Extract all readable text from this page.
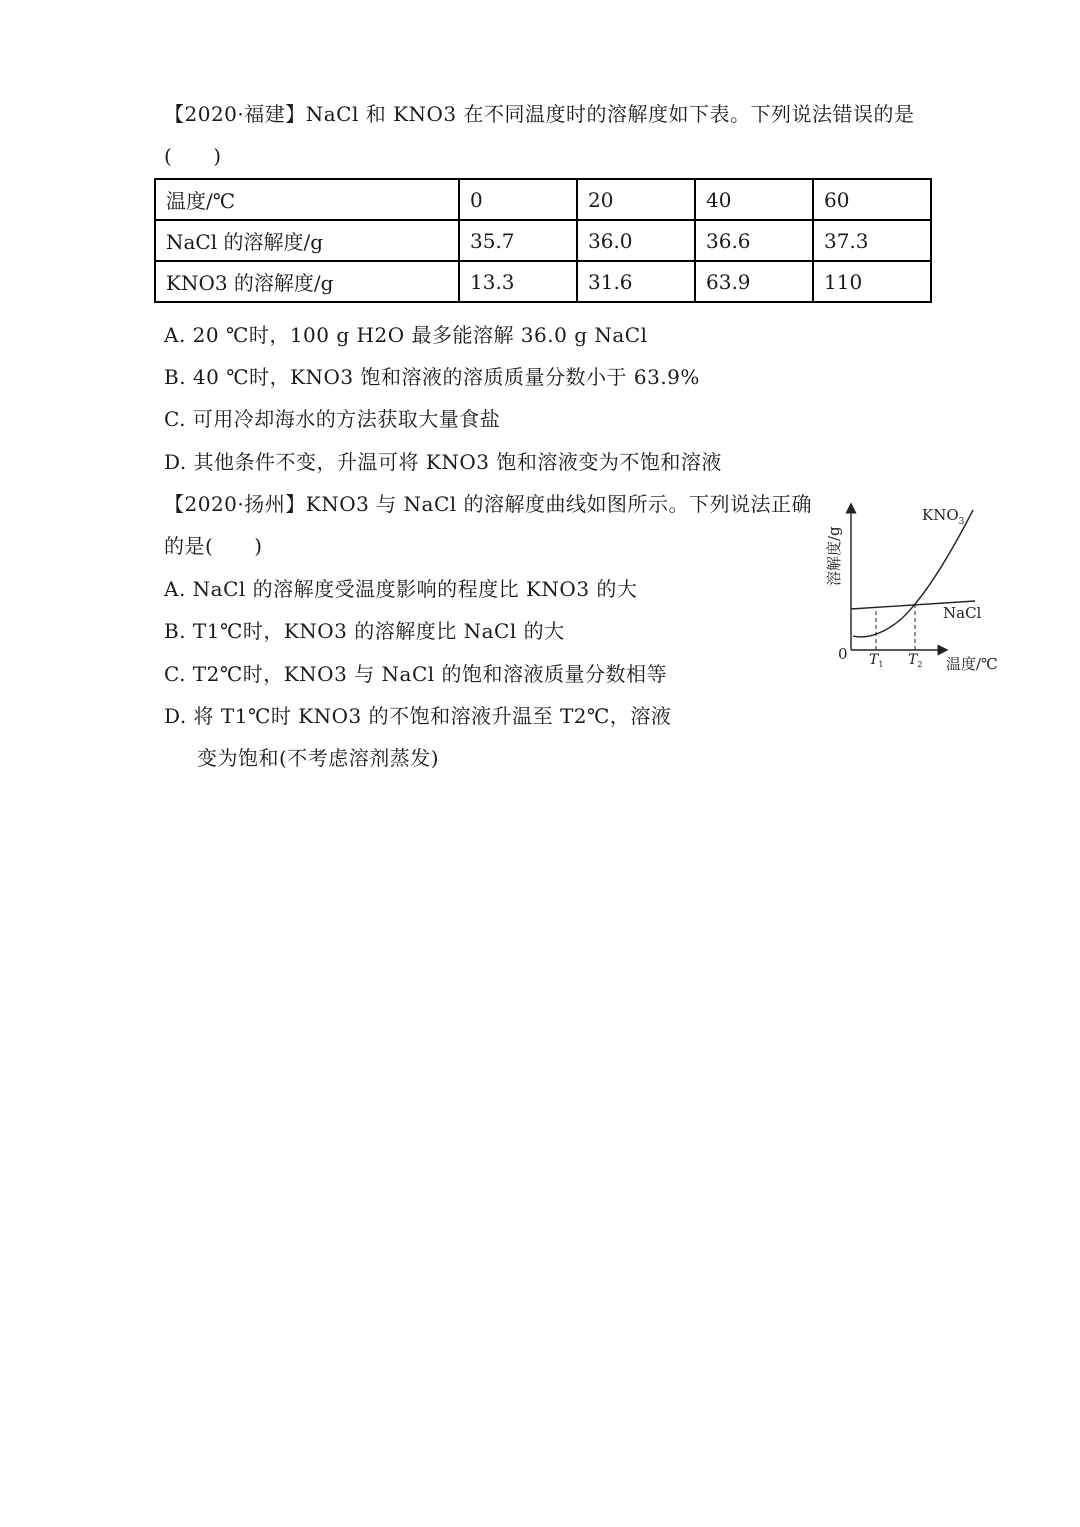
【2020·福建】NaCl 和 KNO3 在不同温度时的溶解度如下表。下列说法错误的是
(　　)
温度/℃	0	20	40	60
NaCl 的溶解度/g	35.7	36.0	36.6	37.3
KNO3 的溶解度/g	13.3	31.6	63.9	110
A. 20 ℃时，100 g H2O 最多能溶解 36.0 g NaCl
B. 40 ℃时，KNO3 饱和溶液的溶质质量分数小于 63.9%
C. 可用冷却海水的方法获取大量食盐
D. 其他条件不变，升温可将 KNO3 饱和溶液变为不饱和溶液
【2020·扬州】KNO3 与 NaCl 的溶解度曲线如图所示。下列说法正确
的是(　　)
A. NaCl 的溶解度受温度影响的程度比 KNO3 的大
B. T1℃时，KNO3 的溶解度比 NaCl 的大
C. T2℃时，KNO3 与 NaCl 的饱和溶液质量分数相等
D. 将 T1℃时 KNO3 的不饱和溶液升温至 T2℃，溶液
变为饱和(不考虑溶剂蒸发)
$KNO_3$
NaCl
0 $T_1$ $T_2$ 温度/℃
溶解度/g
